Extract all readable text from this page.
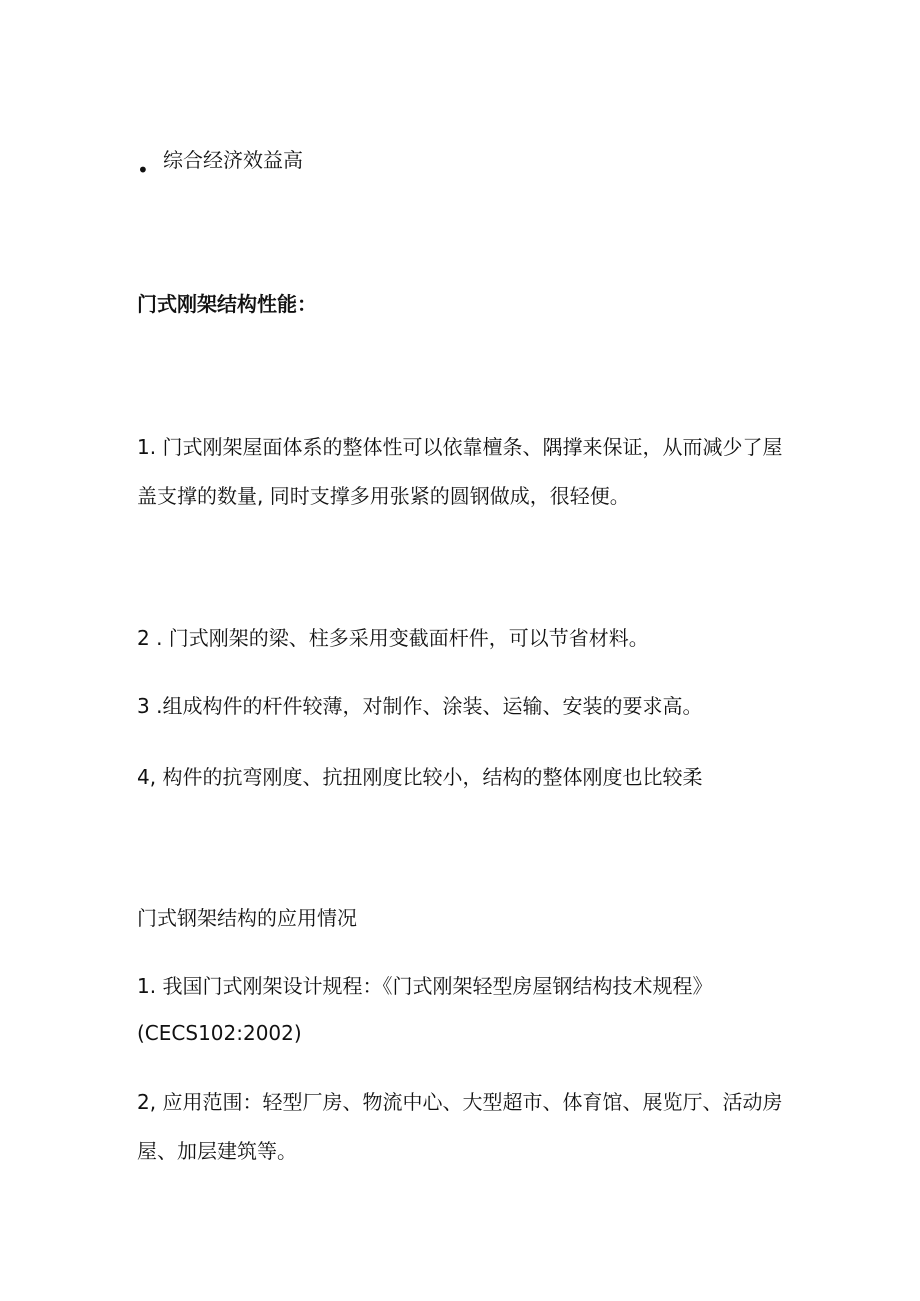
• 综合经济效益高
门式刚架结构性能：
1. 门式刚架屋面体系的整体性可以依靠檀条、隅撑来保证，从而减少了屋
盖支撑的数量, 同时支撑多用张紧的圆钢做成，很轻便。
2 . 门式刚架的梁、柱多采用变截面杆件，可以节省材料。
3 .组成构件的杆件较薄，对制作、涂装、运输、安装的要求高。
4, 构件的抗弯刚度、抗扭刚度比较小，结构的整体刚度也比较柔
门式钢架结构的应用情况
1. 我国门式刚架设计规程：《门式刚架轻型房屋钢结构技术规程》
(CECS102:2002)
2, 应用范围：轻型厂房、物流中心、大型超市、体育馆、展览厅、活动房
屋、加层建筑等。
